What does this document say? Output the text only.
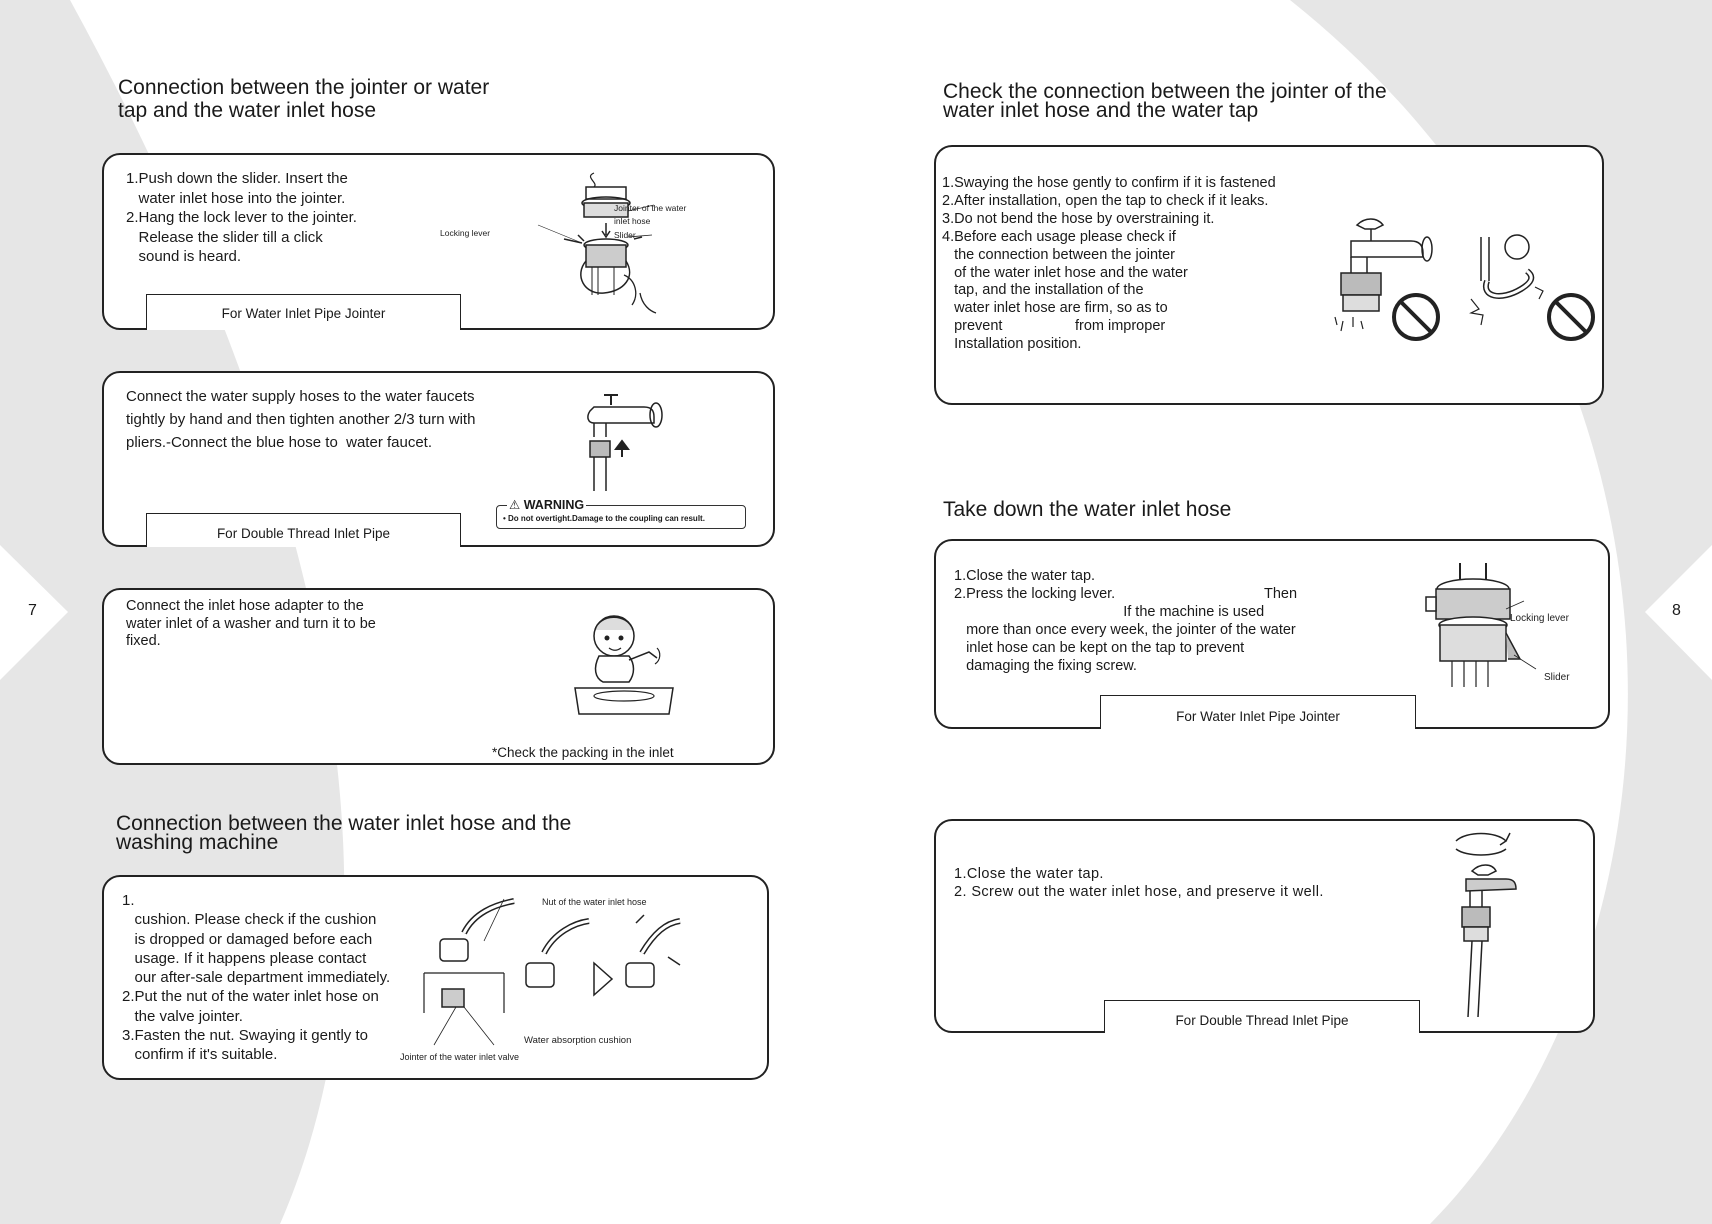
7	8
Connection between the jointer or water
tap and the water inlet hose
1.Push down the slider. Insert the
water inlet hose into the jointer.
2.Hang the lock lever to the jointer.
Release the slider till a click
sound is heard.
For Water Inlet Pipe Jointer
Locking lever
Jointer of the water
inlet hose
Slider
Connect the water supply hoses to the water faucets
tightly by hand and then tighten another 2/3 turn with
pliers.-Connect the blue hose to  water faucet.
For Double Thread Inlet Pipe
⚠ WARNING
• Do not overtight.Damage to the coupling can result.
Connect the inlet hose adapter to the
water inlet of a washer and turn it to be
fixed.
*Check the packing in the inlet
Connection between the water inlet hose and the
washing machine
1.
cushion. Please check if the cushion
is dropped or damaged before each
usage. If it happens please contact
our after-sale department immediately.
2.Put the nut of the water inlet hose on
the valve jointer.
3.Fasten the nut. Swaying it gently to
confirm if it's suitable.
Nut of the water inlet hose
Water absorption cushion
Jointer of the water inlet valve
Check the connection between the jointer of the
water inlet hose and the water tap
1.Swaying the hose gently to confirm if it is fastened
2.After installation, open the tap to check if it leaks.
3.Do not bend the hose by overstraining it.
4.Before each usage please check if
the connection between the jointer
of the water inlet hose and the water
tap, and the installation of the
water inlet hose are firm, so as to
prevent                  from improper
Installation position.
Take down the water inlet hose
1.Close the water tap.
2.Press the locking lever.                                     Then
If the machine is used
more than once every week, the jointer of the water
inlet hose can be kept on the tap to prevent
damaging the fixing screw.
For Water Inlet Pipe Jointer
Locking lever
Slider
1.Close the water tap.
2. Screw out the water inlet hose, and preserve it well.
For Double Thread Inlet Pipe
